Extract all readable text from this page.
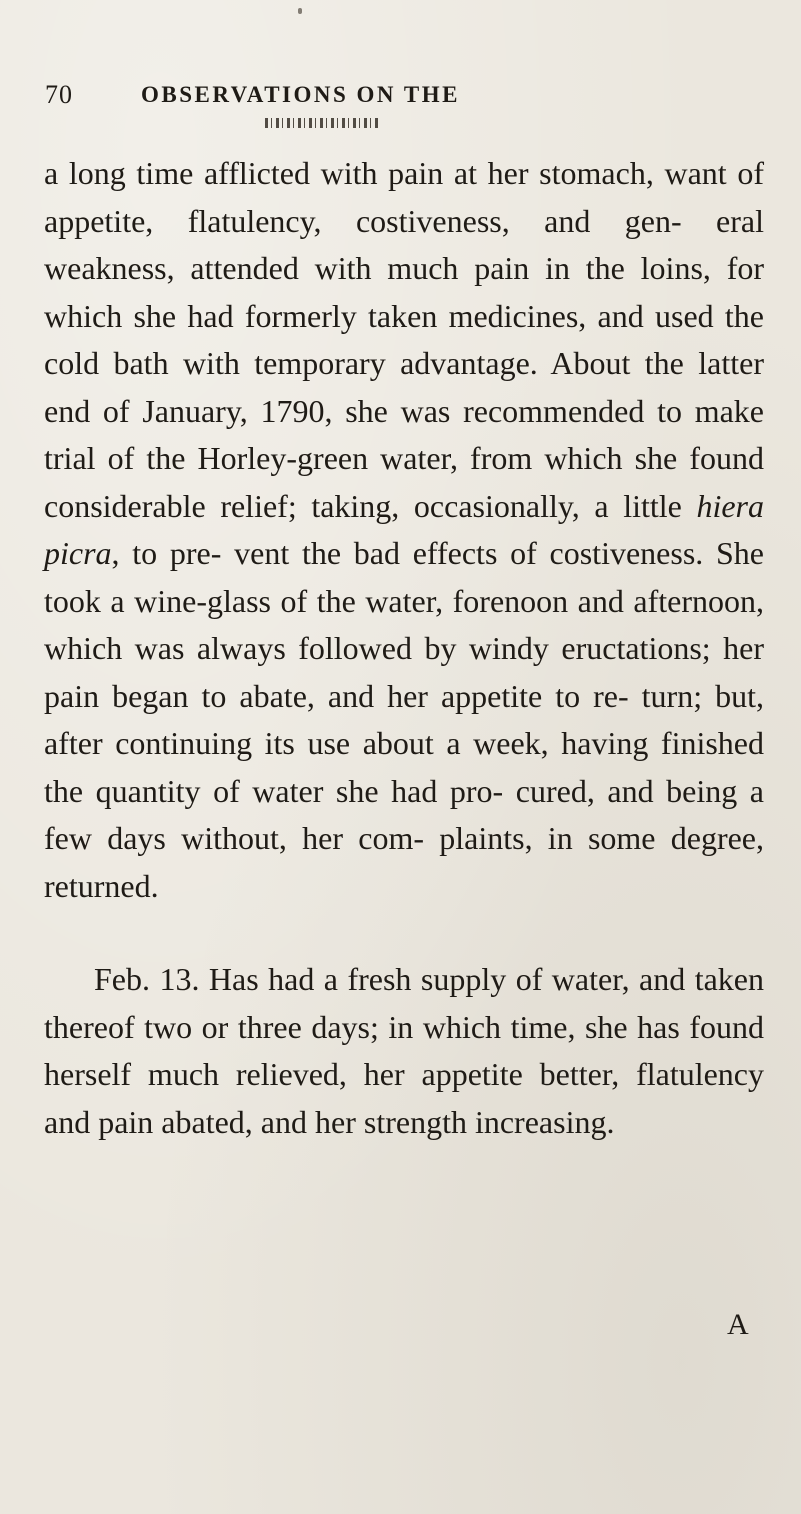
70	OBSERVATIONS ON THE

a long time afflicted with pain at her stomach, want of appetite, flatulency, costiveness, and gen- eral weakness, attended with much pain in the loins, for which she had formerly taken medicines, and used the cold bath with temporary advantage. About the latter end of January, 1790, she was recommended to make trial of the Horley-green water, from which she found considerable relief; taking, occasionally, a little hiera picra, to pre- vent the bad effects of costiveness. She took a wine-glass of the water, forenoon and afternoon, which was always followed by windy eructations; her pain began to abate, and her appetite to re- turn; but, after continuing its use about a week, having finished the quantity of water she had pro- cured, and being a few days without, her com- plaints, in some degree, returned.

Feb. 13. Has had a fresh supply of water, and taken thereof two or three days; in which time, she has found herself much relieved, her appetite better, flatulency and pain abated, and her strength increasing.

A
